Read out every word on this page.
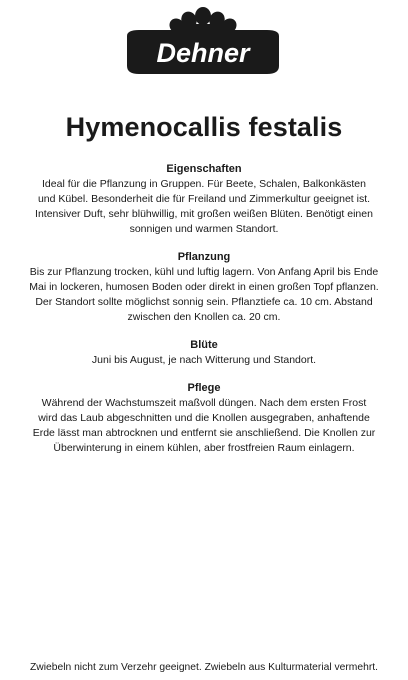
Dehner
Hymenocallis festalis
Eigenschaften
Ideal für die Pflanzung in Gruppen. Für Beete, Schalen, Balkonkästen
und Kübel. Besonderheit die für Freiland und Zimmerkultur geeignet ist.
Intensiver Duft, sehr blühwillig, mit großen weißen Blüten. Benötigt einen
sonnigen und warmen Standort.
Pflanzung
Bis zur Pflanzung trocken, kühl und luftig lagern. Von Anfang April bis Ende
Mai in lockeren, humosen Boden oder direkt in einen großen Topf pflanzen.
Der Standort sollte möglichst sonnig sein. Pflanztiefe ca. 10 cm. Abstand
zwischen den Knollen ca. 20 cm.
Blüte
Juni bis August, je nach Witterung und Standort.
Pflege
Während der Wachstumszeit maßvoll düngen. Nach dem ersten Frost
wird das Laub abgeschnitten und die Knollen ausgegraben, anhaftende
Erde lässt man abtrocknen und entfernt sie anschließend. Die Knollen zur
Überwinterung in einem kühlen, aber frostfreien Raum einlagern.
Zwiebeln nicht zum Verzehr geeignet. Zwiebeln aus Kulturmaterial vermehrt.
